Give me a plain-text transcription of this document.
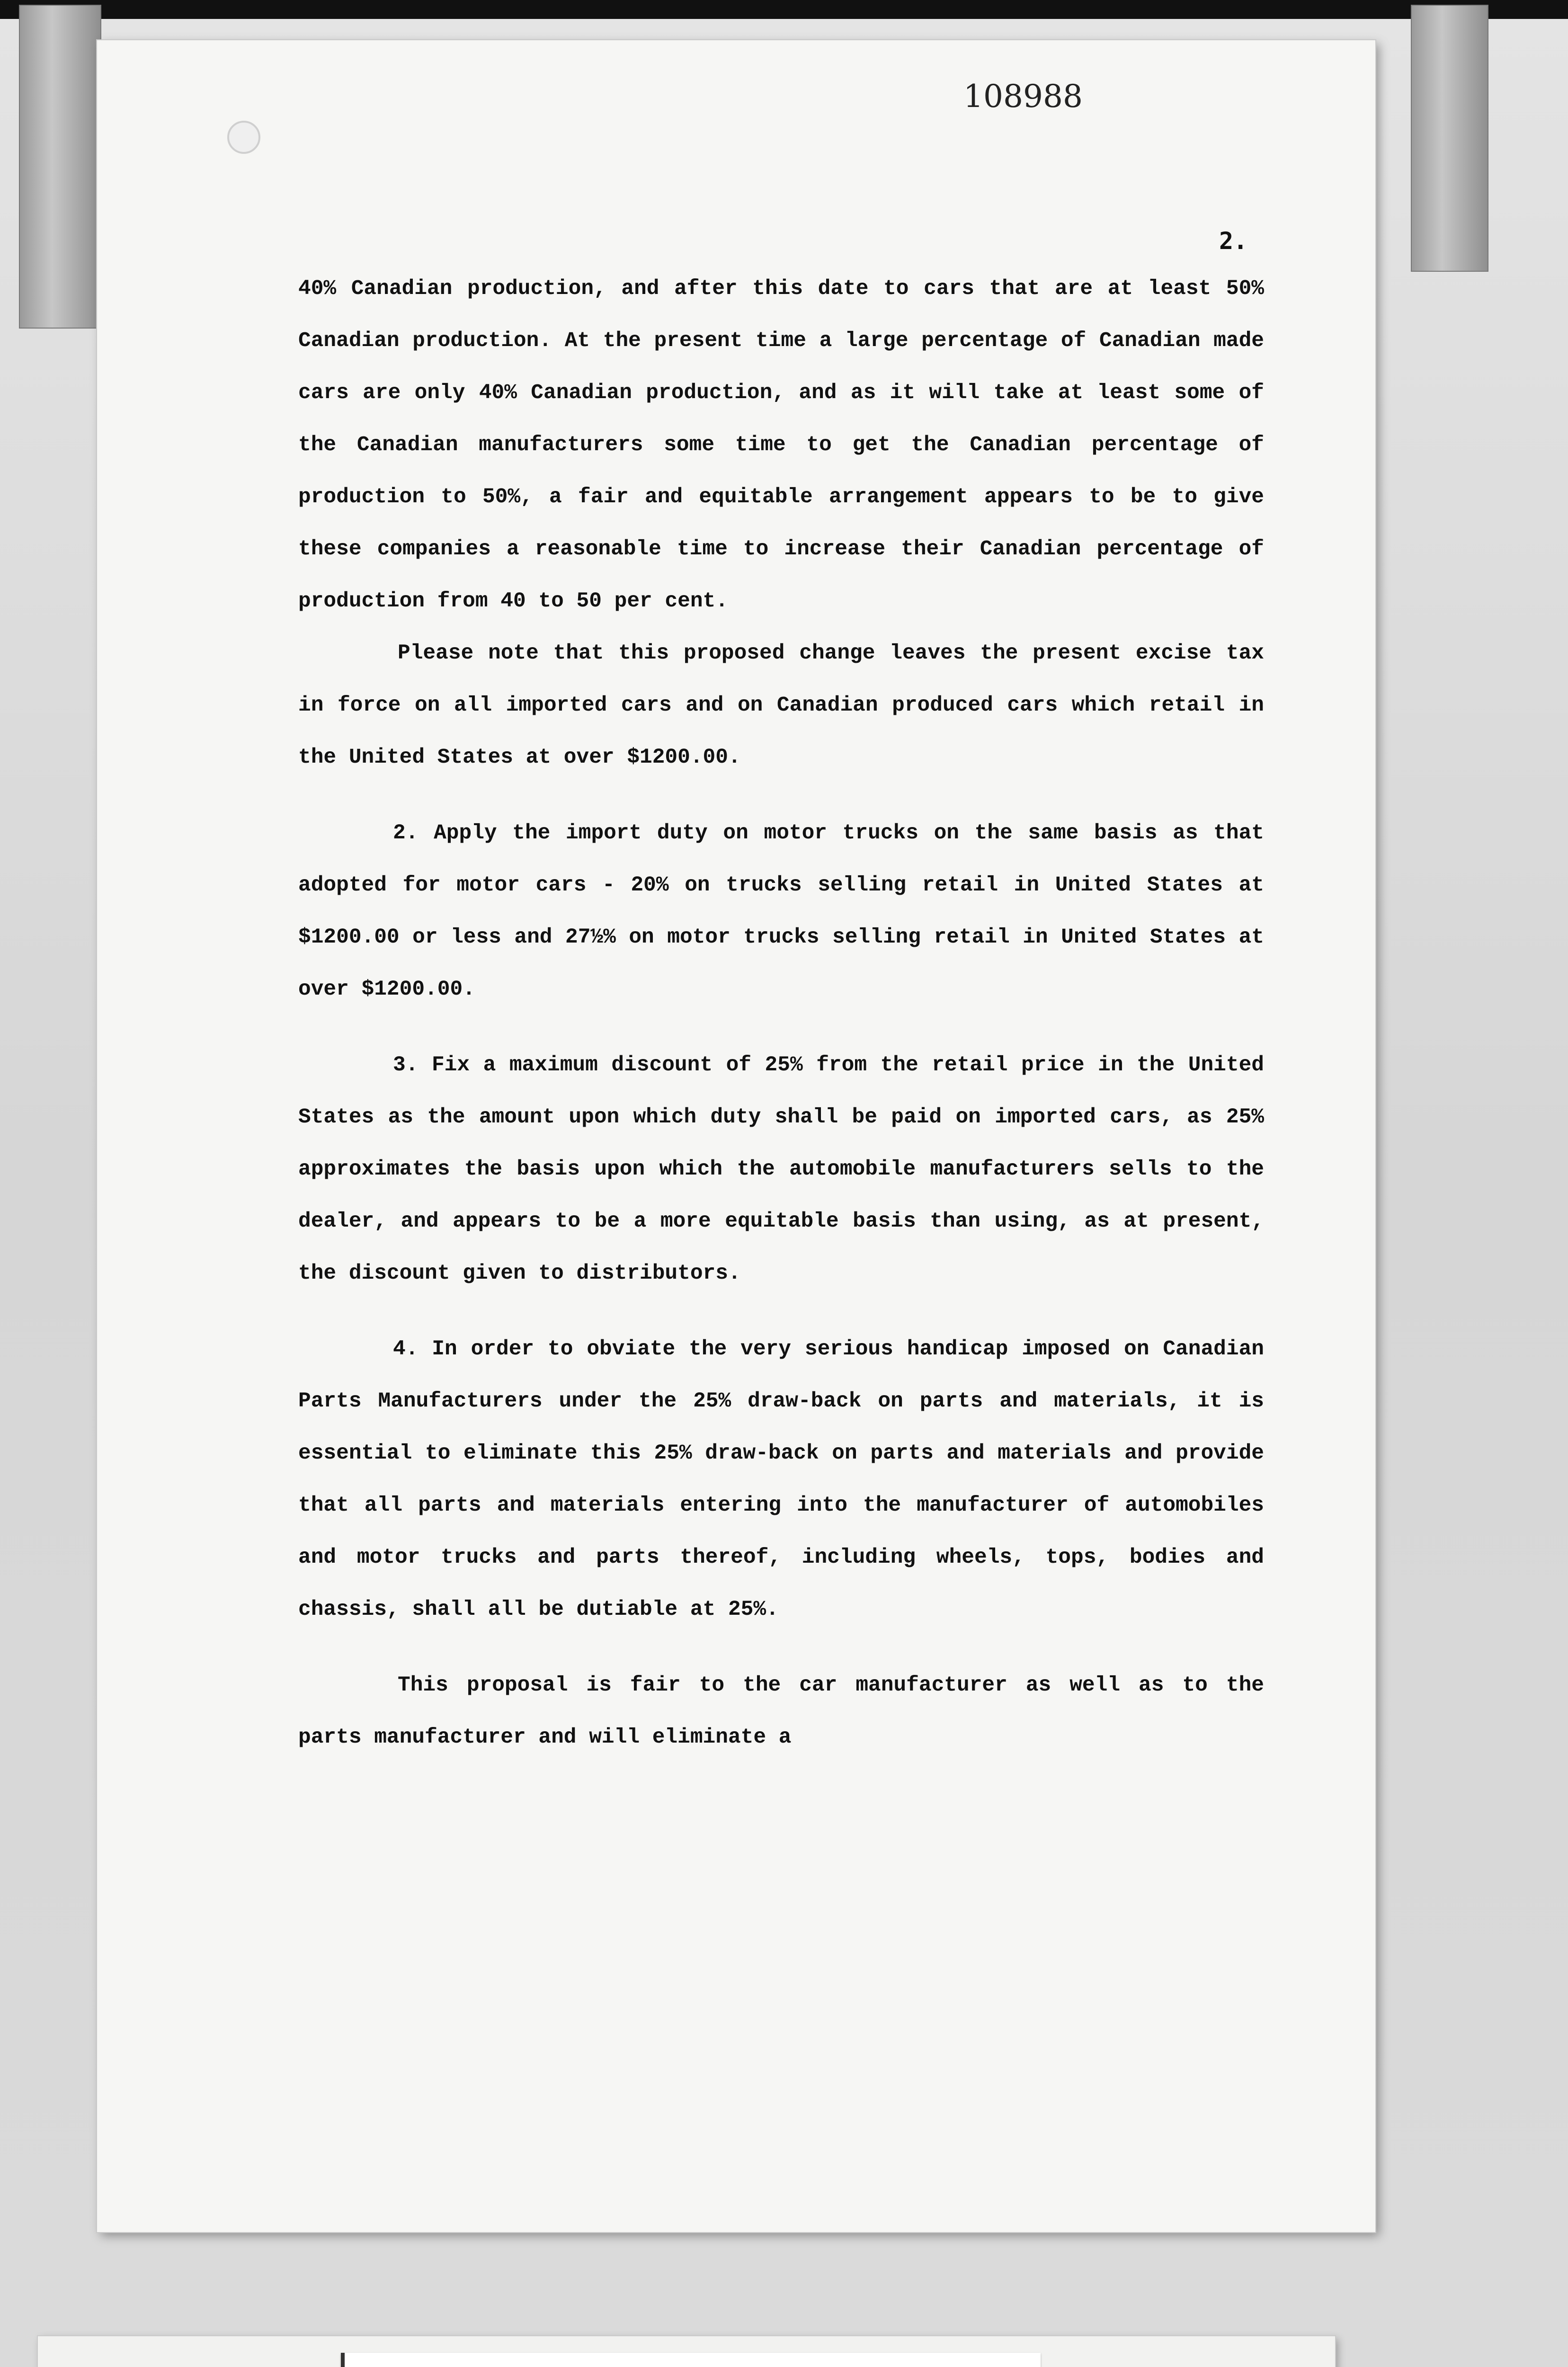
108988

2.

40% Canadian production, and after this date to cars that are at least 50% Canadian production. At the present time a large percentage of Canadian made cars are only 40% Canadian production, and as it will take at least some of the Canadian manufacturers some time to get the Canadian percentage of production to 50%, a fair and equitable arrangement appears to be to give these companies a reasonable time to increase their Canadian percentage of production from 40 to 50 per cent.

Please note that this proposed change leaves the present excise tax in force on all imported cars and on Canadian produced cars which retail in the United States at over $1200.00.

2. Apply the import duty on motor trucks on the same basis as that adopted for motor cars - 20% on trucks selling retail in United States at $1200.00 or less and 27½% on motor trucks selling retail in United States at over $1200.00.

3. Fix a maximum discount of 25% from the retail price in the United States as the amount upon which duty shall be paid on imported cars, as 25% approximates the basis upon which the automobile manufacturers sells to the dealer, and appears to be a more equitable basis than using, as at present, the discount given to distributors.

4. In order to obviate the very serious handicap imposed on Canadian Parts Manufacturers under the 25% draw-back on parts and materials, it is essential to eliminate this 25% draw-back on parts and materials and provide that all parts and materials entering into the manufacturer of automobiles and motor trucks and parts thereof, including wheels, tops, bodies and chassis, shall all be dutiable at 25%.

This proposal is fair to the car manufacturer as well as to the parts manufacturer and will eliminate a
